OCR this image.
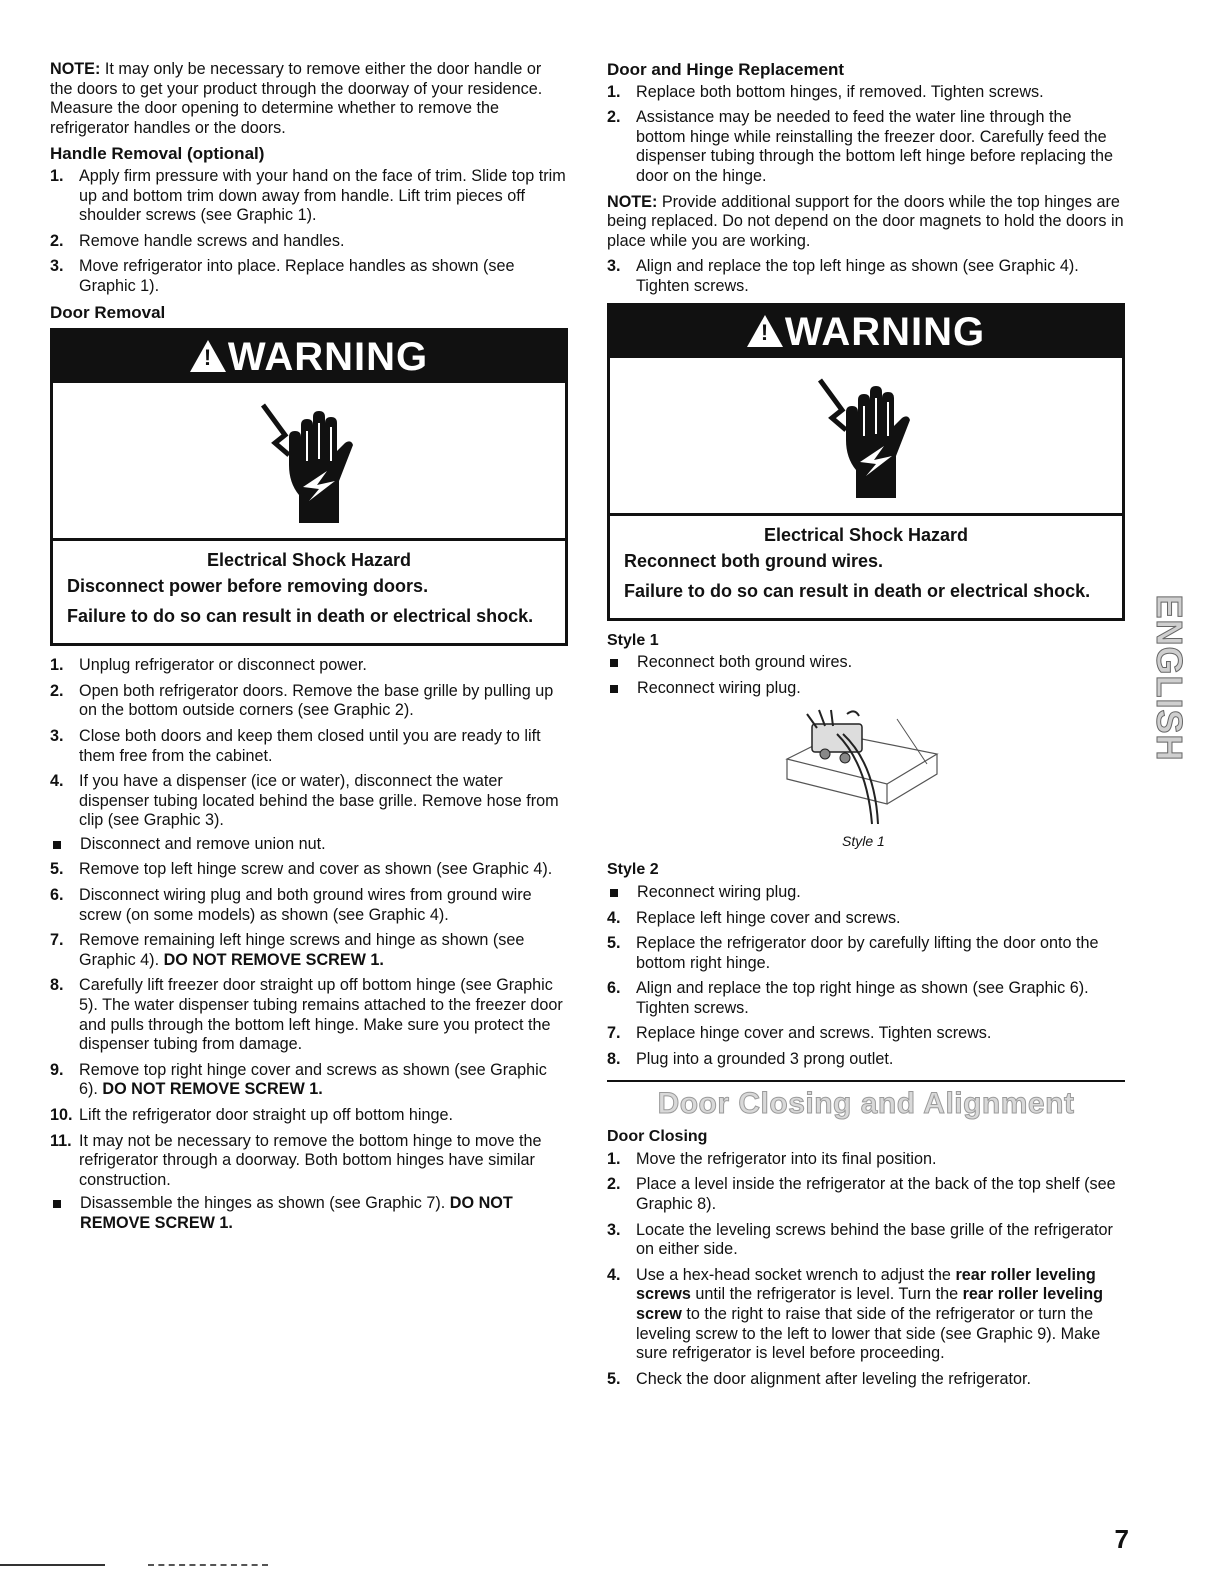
NOTE: It may only be necessary to remove either the door handle or the doors to get your product through the doorway of your residence. Measure the door opening to determine whether to remove the refrigerator handles or the doors.

Handle Removal (optional)
1. Apply firm pressure with your hand on the face of trim. Slide top trim up and bottom trim down away from handle. Lift trim pieces off shoulder screws (see Graphic 1).
2. Remove handle screws and handles.
3. Move refrigerator into place. Replace handles as shown (see Graphic 1).
Door Removal
! WARNING
Electrical Shock Hazard

Disconnect power before removing doors.

Failure to do so can result in death or electrical shock.

1. Unplug refrigerator or disconnect power.
2. Open both refrigerator doors. Remove the base grille by pulling up on the bottom outside corners (see Graphic 2).
3. Close both doors and keep them closed until you are ready to lift them free from the cabinet.
4. If you have a dispenser (ice or water), disconnect the water dispenser tubing located behind the base grille. Remove hose from clip (see Graphic 3).
Disconnect and remove union nut.
5. Remove top left hinge screw and cover as shown (see Graphic 4).
6. Disconnect wiring plug and both ground wires from ground wire screw (on some models) as shown (see Graphic 4).
7. Remove remaining left hinge screws and hinge as shown (see Graphic 4). DO NOT REMOVE SCREW 1.
8. Carefully lift freezer door straight up off bottom hinge (see Graphic 5). The water dispenser tubing remains attached to the freezer door and pulls through the bottom left hinge. Make sure you protect the dispenser tubing from damage.
9. Remove top right hinge cover and screws as shown (see Graphic 6). DO NOT REMOVE SCREW 1.
10. Lift the refrigerator door straight up off bottom hinge.
11. It may not be necessary to remove the bottom hinge to move the refrigerator through a doorway. Both bottom hinges have similar construction.
Disassemble the hinges as shown (see Graphic 7). DO NOT REMOVE SCREW 1.
Door and Hinge Replacement
1. Replace both bottom hinges, if removed. Tighten screws.
2. Assistance may be needed to feed the water line through the bottom hinge while reinstalling the freezer door. Carefully feed the dispenser tubing through the bottom left hinge before replacing the door on the hinge.

NOTE: Provide additional support for the doors while the top hinges are being replaced. Do not depend on the door magnets to hold the doors in place while you are working.

3. Align and replace the top left hinge as shown (see Graphic 4). Tighten screws.
! WARNING
Electrical Shock Hazard

Reconnect both ground wires.

Failure to do so can result in death or electrical shock.

Style 1
Reconnect both ground wires.
Reconnect wiring plug.
Style 1
Style 2
Reconnect wiring plug.
4. Replace left hinge cover and screws.
5. Replace the refrigerator door by carefully lifting the door onto the bottom right hinge.
6. Align and replace the top right hinge as shown (see Graphic 6). Tighten screws.
7. Replace hinge cover and screws. Tighten screws.
8. Plug into a grounded 3 prong outlet.
Door Closing and Alignment
Door Closing
1. Move the refrigerator into its final position.
2. Place a level inside the refrigerator at the back of the top shelf (see Graphic 8).
3. Locate the leveling screws behind the base grille of the refrigerator on either side.
4. Use a hex-head socket wrench to adjust the rear roller leveling screws until the refrigerator is level. Turn the rear roller leveling screw to the right to raise that side of the refrigerator or turn the leveling screw to the left to lower that side (see Graphic 9). Make sure refrigerator is level before proceeding.
5. Check the door alignment after leveling the refrigerator.
ENGLISH
7
